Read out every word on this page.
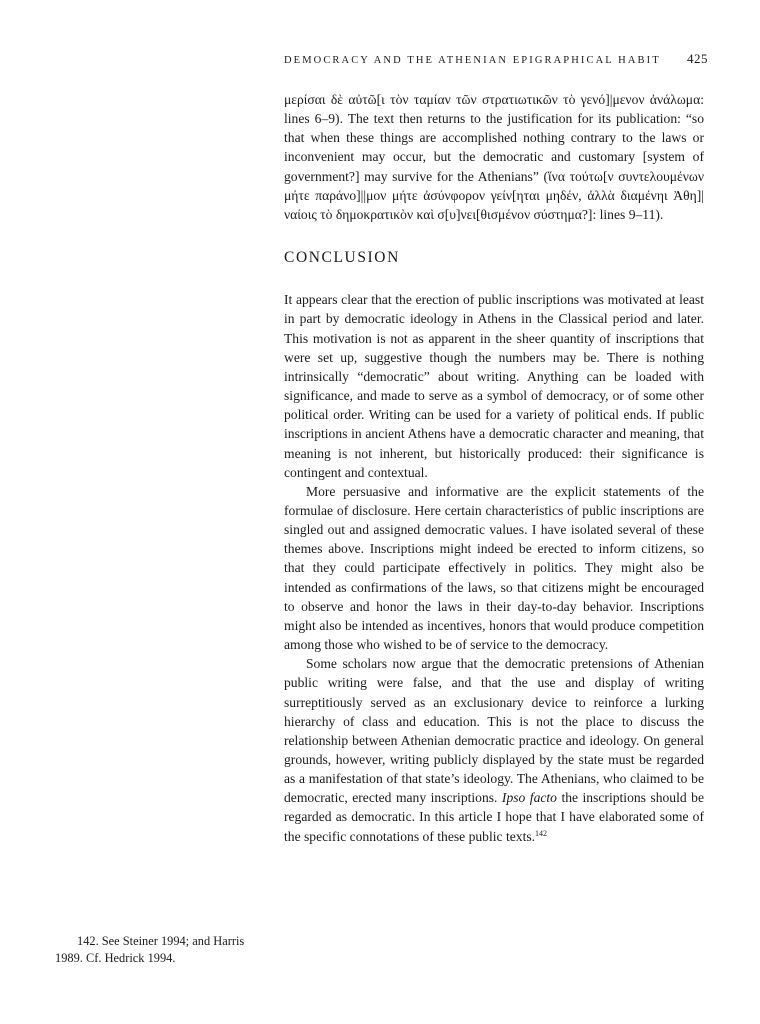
DEMOCRACY AND THE ATHENIAN EPIGRAPHICAL HABIT 425

μερίσαι δὲ αὐτῶ[ι τὸν ταμίαν τῶν στρατιωτικῶν τὸ γενό]|μενον ἀνάλωμα: lines 6–9). The text then returns to the justification for its publication: “so that when these things are accomplished nothing contrary to the laws or inconvenient may occur, but the democratic and customary [system of government?] may survive for the Athenians” (ἵνα τούτω[ν συντελουμένων μήτε παράνο]||μον μήτε ἀσύνφορον γείν[ηται μηδέν, ἀλλὰ διαμένηι Ἀθη]|ναίοις τὸ δημοκρατικὸν καὶ σ[υ]νει[θισμένον σύστημα?]: lines 9–11).

CONCLUSION

It appears clear that the erection of public inscriptions was motivated at least in part by democratic ideology in Athens in the Classical period and later. This motivation is not as apparent in the sheer quantity of inscriptions that were set up, suggestive though the numbers may be. There is nothing intrinsically “democratic” about writing. Anything can be loaded with significance, and made to serve as a symbol of democracy, or of some other political order. Writing can be used for a variety of political ends. If public inscriptions in ancient Athens have a democratic character and meaning, that meaning is not inherent, but historically produced: their significance is contingent and contextual.

More persuasive and informative are the explicit statements of the formulae of disclosure. Here certain characteristics of public inscriptions are singled out and assigned democratic values. I have isolated several of these themes above. Inscriptions might indeed be erected to inform citizens, so that they could participate effectively in politics. They might also be intended as confirmations of the laws, so that citizens might be encouraged to observe and honor the laws in their day-to-day behavior. Inscriptions might also be intended as incentives, honors that would produce competition among those who wished to be of service to the democracy.

Some scholars now argue that the democratic pretensions of Athenian public writing were false, and that the use and display of writing surreptitiously served as an exclusionary device to reinforce a lurking hierarchy of class and education. This is not the place to discuss the relationship between Athenian democratic practice and ideology. On general grounds, however, writing publicly displayed by the state must be regarded as a manifestation of that state’s ideology. The Athenians, who claimed to be democratic, erected many inscriptions. Ipso facto the inscriptions should be regarded as democratic. In this article I hope that I have elaborated some of the specific connotations of these public texts.$^{142}$

142. See Steiner 1994; and Harris
1989. Cf. Hedrick 1994.
